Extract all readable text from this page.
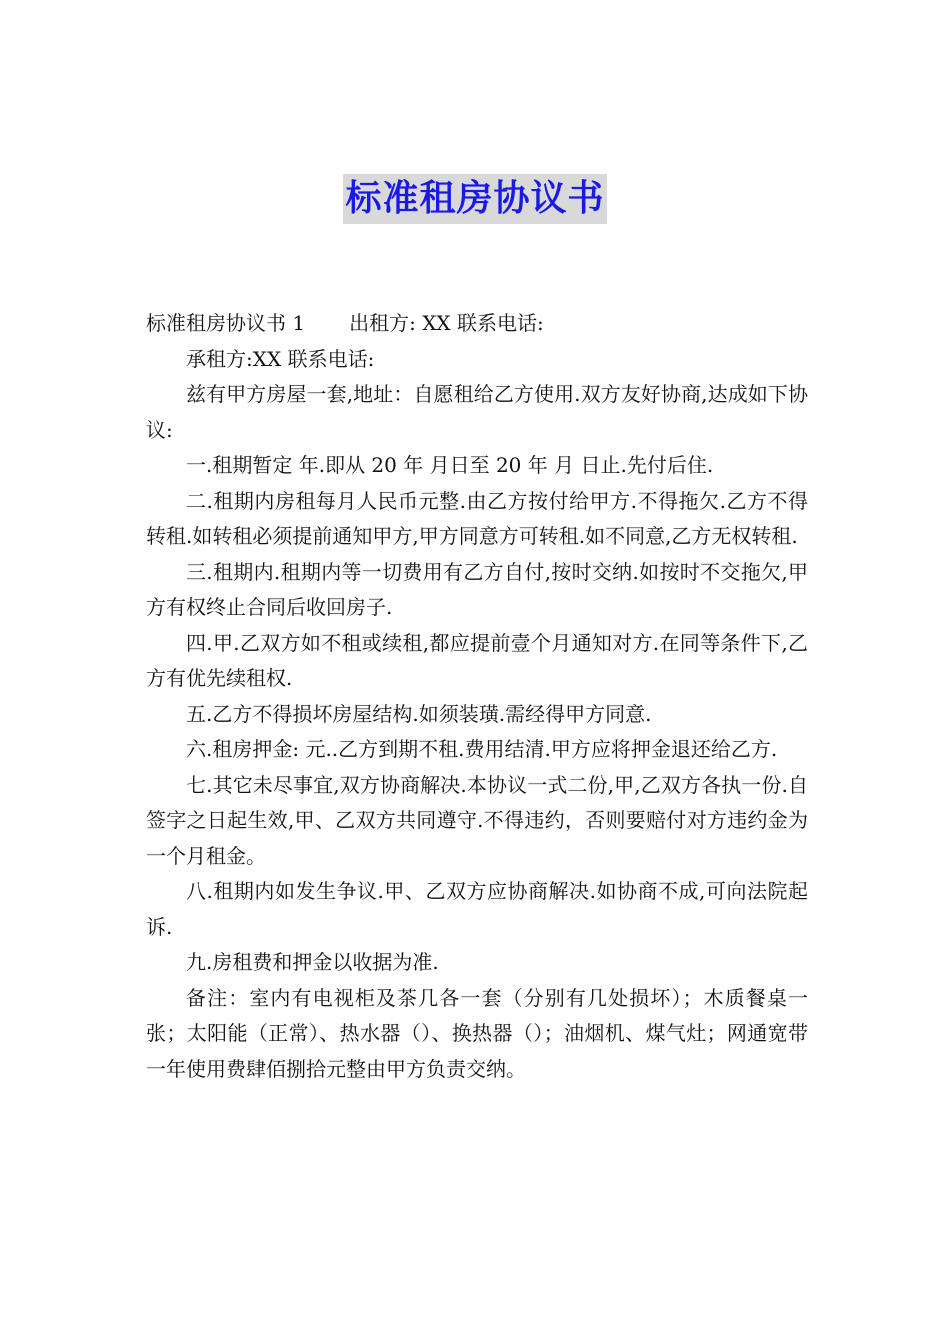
标准租房协议书

标准租房协议书 1 出租方: XX 联系电话:

承租方:XX 联系电话:

兹有甲方房屋一套,地址：自愿租给乙方使用.双方友好协商,达成如下协议:

一.租期暂定 年.即从 20 年 月日至 20 年 月 日止.先付后住.

二.租期内房租每月人民币元整.由乙方按付给甲方.不得拖欠.乙方不得转租.如转租必须提前通知甲方,甲方同意方可转租.如不同意,乙方无权转租.

三.租期内.租期内等一切费用有乙方自付,按时交纳.如按时不交拖欠,甲方有权终止合同后收回房子.

四.甲.乙双方如不租或续租,都应提前壹个月通知对方.在同等条件下,乙方有优先续租权.

五.乙方不得损坏房屋结构.如须装璜.需经得甲方同意.

六.租房押金: 元..乙方到期不租.费用结清.甲方应将押金退还给乙方.

七.其它未尽事宜,双方协商解决.本协议一式二份,甲,乙双方各执一份.自签字之日起生效,甲、乙双方共同遵守.不得违约，否则要赔付对方违约金为一个月租金。

八.租期内如发生争议.甲、乙双方应协商解决.如协商不成,可向法院起诉.

九.房租费和押金以收据为准.

备注：室内有电视柜及茶几各一套（分别有几处损坏）；木质餐桌一张；太阳能（正常）、热水器（）、换热器（）；油烟机、煤气灶；网通宽带一年使用费肆佰捌拾元整由甲方负责交纳。
